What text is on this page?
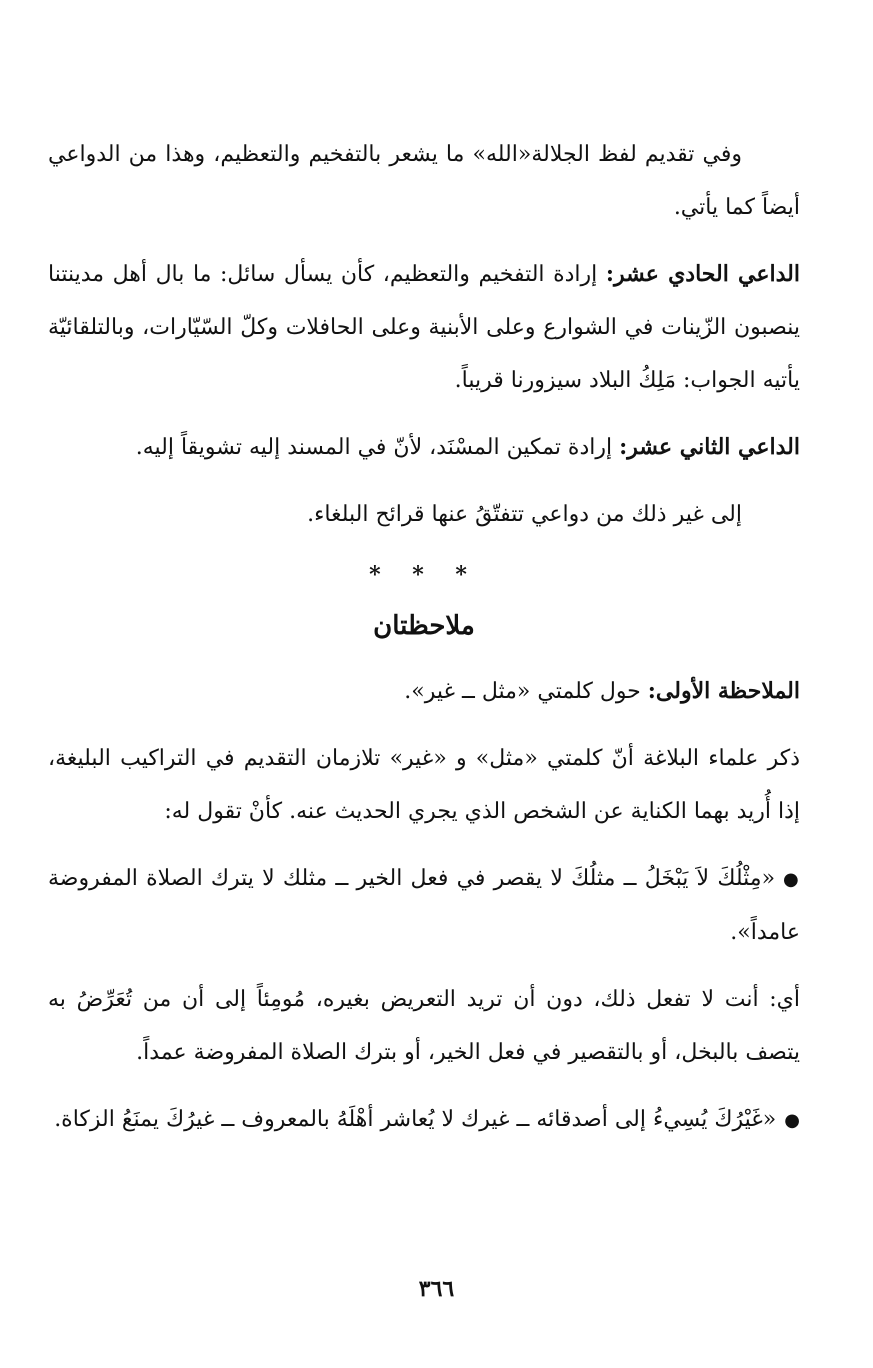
وفي تقديم لفظ الجلالة«الله» ما يشعر بالتفخيم والتعظيم، وهذا من الدواعي أيضاً كما يأتي.

الداعي الحادي عشر: إرادة التفخيم والتعظيم، كأن يسأل سائل: ما بال أهل مدينتنا ينصبون الزّينات في الشوارع وعلى الأبنية وعلى الحافلات وكلّ السّيّارات، وبالتلقائيّة يأتيه الجواب: مَلِكُ البلاد سيزورنا قريباً.

الداعي الثاني عشر: إرادة تمكين المسْنَد، لأنّ في المسند إليه تشويقاً إليه.

إلى غير ذلك من دواعي تتفتّقُ عنها قرائح البلغاء.

* * *
ملاحظتان

الملاحظة الأولى: حول كلمتي «مثل ــ غير».

ذكر علماء البلاغة أنّ كلمتي «مثل» و «غير» تلازمان التقديم في التراكيب البليغة، إذا أُريد بهما الكناية عن الشخص الذي يجري الحديث عنه. كأنْ تقول له:

●«مِثْلُكَ لاَ يَبْخَلُ ــ مثلُكَ لا يقصر في فعل الخير ــ مثلك لا يترك الصلاة المفروضة عامداً».

أي: أنت لا تفعل ذلك، دون أن تريد التعريض بغيره، مُومِئاً إلى أن من تُعَرِّضُ به يتصف بالبخل، أو بالتقصير في فعل الخير، أو بترك الصلاة المفروضة عمداً.

●«غَيْرُكَ يُسِيءُ إلى أصدقائه ــ غيرك لا يُعاشر أهْلَهُ بالمعروف ــ غيرُكَ يمنَعُ الزكاة.

٣٦٦
